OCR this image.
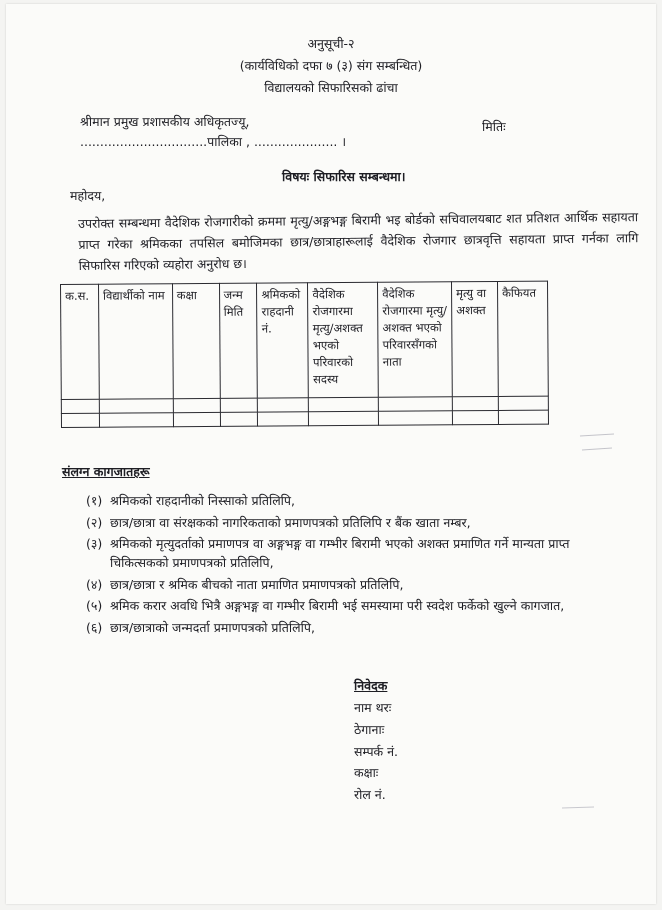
अनुसूची-२
(कार्यविधिको दफा ७ (३) संग सम्बन्धित)
विद्यालयको सिफारिसको ढांचा
श्रीमान प्रमुख प्रशासकीय अधिकृतज्यू,
................................पालिका , ..................... ।
मितिः
विषयः सिफारिस सम्बन्धमा।
महोदय,
उपरोक्त सम्बन्धमा वैदेशिक रोजगारीको क्रममा मृत्यु/अङ्गभङ्ग बिरामी भइ बोर्डको सचिवालयबाट शत प्रतिशत आर्थिक सहायता प्राप्त गरेका श्रमिकका तपसिल बमोजिमका छात्र/छात्राहारूलाई वैदेशिक रोजगार छात्रवृत्ति सहायता प्राप्त गर्नका लागि सिफारिस गरिएको व्यहोरा अनुरोध छ।
क.स.	विद्यार्थीको नाम	कक्षा	जन्म मिति	श्रमिकको राहदानी नं.	वैदेशिक रोजगारमा मृत्यु/अशक्त भएको परिवारको सदस्य	वैदेशिक रोजगारमा मृत्यु/अशक्त भएको परिवारसँगको नाता	मृत्यु वा अशक्त	कैफियत

संलग्न कागजातहरू
(१) श्रमिकको राहदानीको निस्साको प्रतिलिपि,
(२) छात्र/छात्रा वा संरक्षकको नागरिकताको प्रमाणपत्रको प्रतिलिपि र बैंक खाता नम्बर,
(३) श्रमिकको मृत्युदर्ताको प्रमाणपत्र वा अङ्गभङ्ग वा गम्भीर बिरामी भएको अशक्त प्रमाणित गर्ने मान्यता प्राप्त
चिकित्सकको प्रमाणपत्रको प्रतिलिपि,
(४) छात्र/छात्रा र श्रमिक बीचको नाता प्रमाणित प्रमाणपत्रको प्रतिलिपि,
(५) श्रमिक करार अवधि भित्रै अङ्गभङ्ग वा गम्भीर बिरामी भई समस्यामा परी स्वदेश फर्केको खुल्ने कागजात,
(६) छात्र/छात्राको जन्मदर्ता प्रमाणपत्रको प्रतिलिपि,
निवेदक
नाम थरः
ठेगानाः
सम्पर्क नं.
कक्षाः
रोल नं.
